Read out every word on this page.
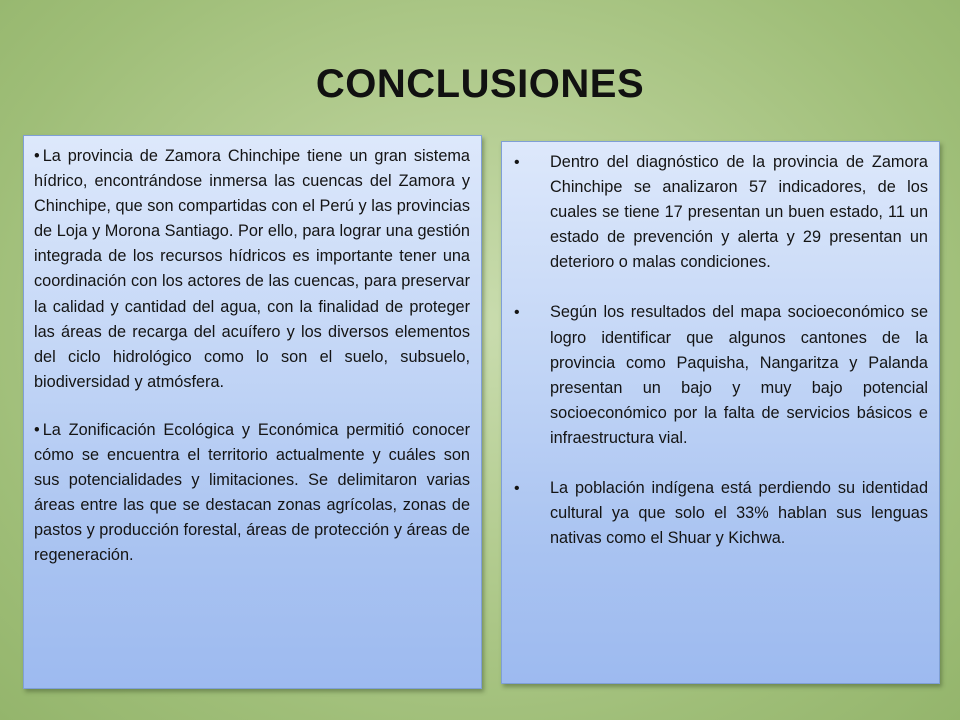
CONCLUSIONES

• La provincia de Zamora Chinchipe tiene un gran sistema hídrico, encontrándose inmersa las cuencas del Zamora y Chinchipe, que son compartidas con el Perú y las provincias de Loja y Morona Santiago. Por ello, para lograr una gestión integrada de los recursos hídricos es importante tener una coordinación con los actores de las cuencas, para preservar la calidad y cantidad del agua, con la finalidad de proteger las áreas de recarga del acuífero y los diversos elementos del ciclo hidrológico como lo son el suelo, subsuelo, biodiversidad y atmósfera.

• La Zonificación Ecológica y Económica permitió conocer cómo se encuentra el territorio actualmente y cuáles son sus potencialidades y limitaciones. Se delimitaron varias áreas entre las que se destacan zonas agrícolas, zonas de pastos y producción forestal, áreas de protección y áreas de regeneración.

•	Dentro del diagnóstico de la provincia de Zamora Chinchipe se analizaron 57 indicadores, de los cuales se tiene 17 presentan un buen estado, 11 un estado de prevención y alerta y 29 presentan un deterioro o malas condiciones.

•	Según los resultados del mapa socioeconómico se logro identificar que algunos cantones de la provincia como Paquisha, Nangaritza y Palanda presentan un bajo y muy bajo potencial socioeconómico por la falta de servicios básicos e infraestructura vial.

•	La población indígena está perdiendo su identidad cultural ya que solo el 33% hablan sus lenguas nativas como el Shuar y Kichwa.
